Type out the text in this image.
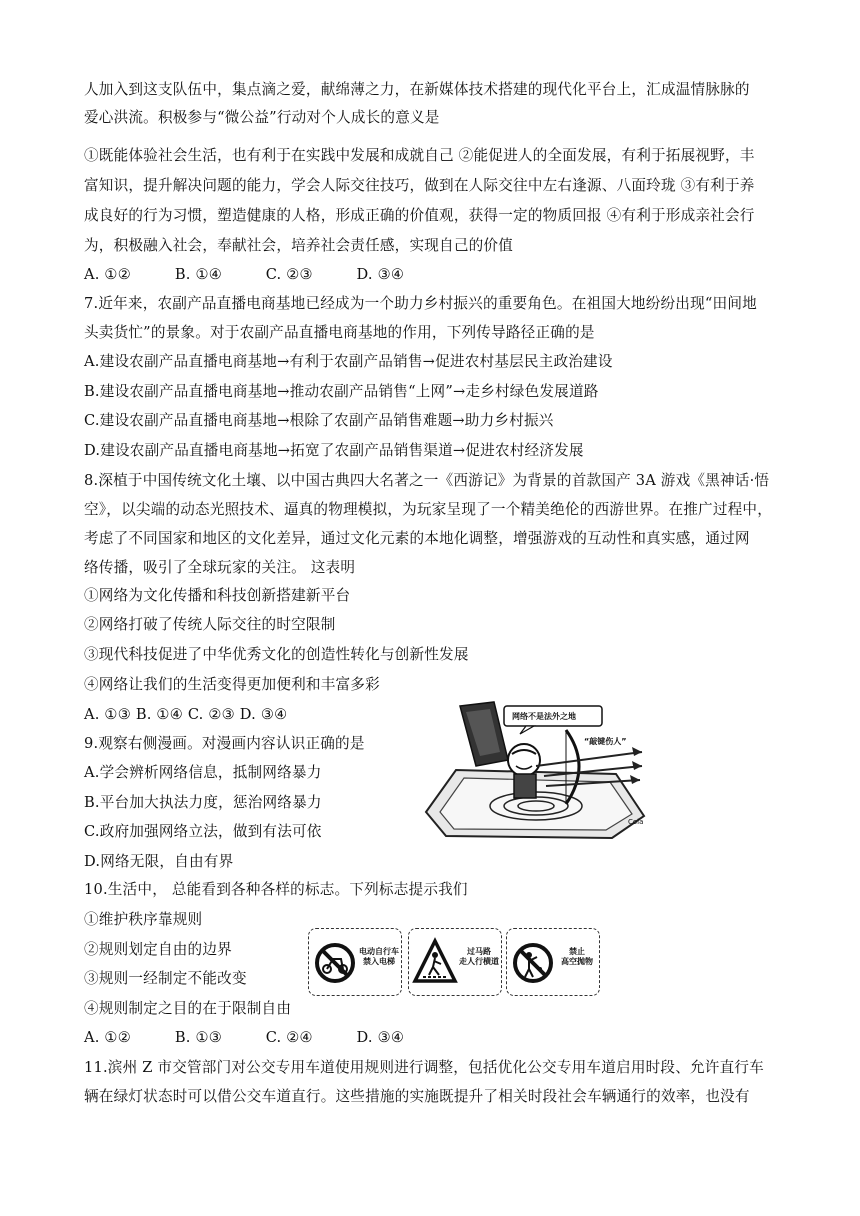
人加入到这支队伍中，集点滴之爱，献绵薄之力，在新媒体技术搭建的现代化平台上，汇成温情脉脉的
爱心洪流。积极参与“微公益”行动对个人成长的意义是
①既能体验社会生活，也有利于在实践中发展和成就自己 ②能促进人的全面发展，有利于拓展视野，丰
富知识，提升解决问题的能力，学会人际交往技巧，做到在人际交往中左右逢源、八面玲珑 ③有利于养
成良好的行为习惯，塑造健康的人格，形成正确的价值观，获得一定的物质回报 ④有利于形成亲社会行
为，积极融入社会，奉献社会，培养社会责任感，实现自己的价值
A. ①②	B. ①④	C. ②③	D. ③④
7.近年来，农副产品直播电商基地已经成为一个助力乡村振兴的重要角色。在祖国大地纷纷出现“田间地
头卖货忙”的景象。对于农副产品直播电商基地的作用，下列传导路径正确的是
A.建设农副产品直播电商基地→有利于农副产品销售→促进农村基层民主政治建设
B.建设农副产品直播电商基地→推动农副产品销售“上网”→走乡村绿色发展道路
C.建设农副产品直播电商基地→根除了农副产品销售难题→助力乡村振兴
D.建设农副产品直播电商基地→拓宽了农副产品销售渠道→促进农村经济发展
8.深植于中国传统文化土壤、以中国古典四大名著之一《西游记》为背景的首款国产 3A 游戏《黑神话·悟
空》，以尖端的动态光照技术、逼真的物理模拟，为玩家呈现了一个精美绝伦的西游世界。在推广过程中，
考虑了不同国家和地区的文化差异，通过文化元素的本地化调整，增强游戏的互动性和真实感，通过网
络传播，吸引了全球玩家的关注。 这表明
①网络为文化传播和科技创新搭建新平台
②网络打破了传统人际交往的时空限制
③现代科技促进了中华优秀文化的创造性转化与创新性发展
④网络让我们的生活变得更加便利和丰富多彩
A. ①③ B. ①④ C. ②③ D. ③④
9.观察右侧漫画。对漫画内容认识正确的是
A.学会辨析网络信息，抵制网络暴力
B.平台加大执法力度，惩治网络暴力
C.政府加强网络立法，做到有法可依
D.网络无限，自由有界
网络不是法外之地
“敲键伤人”
Cola
10.生活中， 总能看到各种各样的标志。下列标志提示我们
①维护秩序靠规则
②规则划定自由的边界
③规则一经制定不能改变
④规则制定之目的在于限制自由
A. ①②	B. ①③	C. ②④	D. ③④
电动自行车
禁入电梯
过马路
走人行横道
禁止
高空抛物
11.滨州 Z 市交管部门对公交专用车道使用规则进行调整，包括优化公交专用车道启用时段、允许直行车
辆在绿灯状态时可以借公交车道直行。这些措施的实施既提升了相关时段社会车辆通行的效率，也没有
